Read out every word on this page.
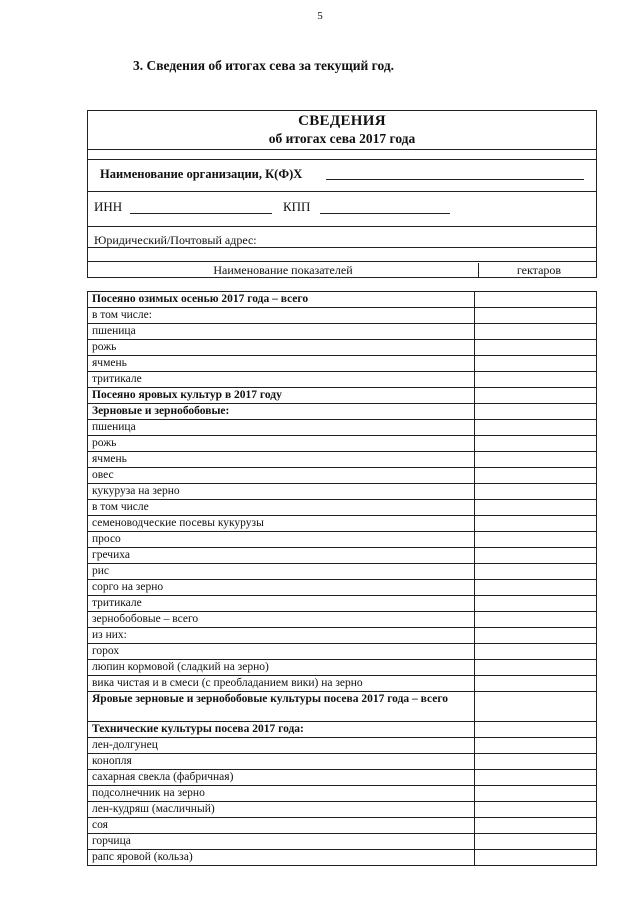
5
3. Сведения об итогах сева за текущий год.
СВЕДЕНИЯ
об итогах сева 2017 года
Наименование организации, К(Ф)Х
ИНН	КПП
Юридический/Почтовый адрес:
Наименование показателей	гектаров
Посеяно озимых осенью 2017 года – всего	
в том числе:	
пшеница	
рожь	
ячмень	
тритикале	
Посеяно яровых культур в 2017 году	
Зерновые и зернобобовые:	
пшеница	
рожь	
ячмень	
овес	
кукуруза на зерно	
в том числе	
семеноводческие посевы кукурузы	
просо	
гречиха	
рис	
сорго на зерно	
тритикале	
зернобобовые – всего	
из них:	
горох	
люпин кормовой (сладкий на зерно)	
вика чистая и в смеси (с преобладанием вики) на зерно	
Яровые зерновые и зернобобовые культуры посева 2017 года – всего	
Технические культуры посева 2017 года:	
лен-долгунец	
конопля	
сахарная свекла (фабричная)	
подсолнечник на зерно	
лен-кудряш (масличный)	
соя	
горчица	
рапс яровой (кольза)	
